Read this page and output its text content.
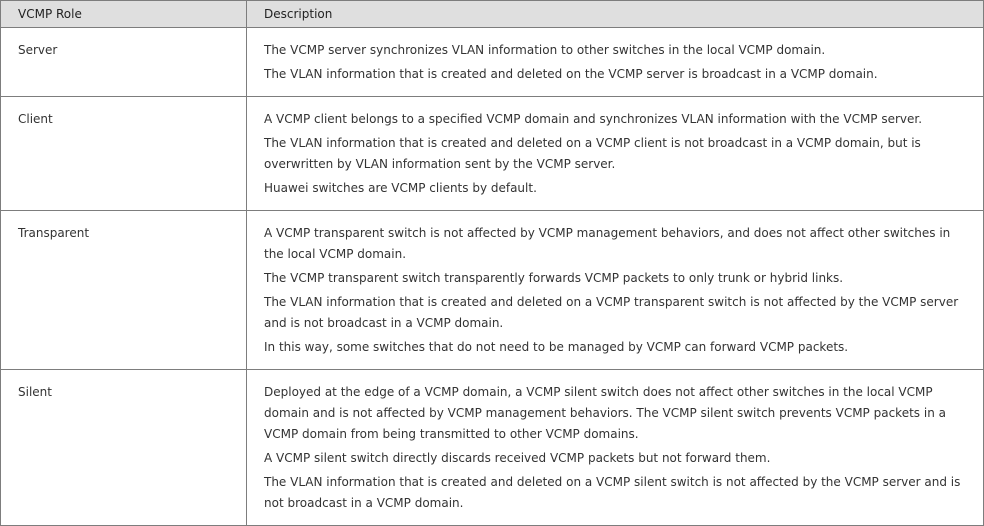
VCMP Role	Description
Server	The VCMP server synchronizes VLAN information to other switches in the local VCMP domain.

The VLAN information that is created and deleted on the VCMP server is broadcast in a VCMP domain.

Client	A VCMP client belongs to a specified VCMP domain and synchronizes VLAN information with the VCMP server.

The VLAN information that is created and deleted on a VCMP client is not broadcast in a VCMP domain, but is overwritten by VLAN information sent by the VCMP server.

Huawei switches are VCMP clients by default.

Transparent	A VCMP transparent switch is not affected by VCMP management behaviors, and does not affect other switches in the local VCMP domain.

The VCMP transparent switch transparently forwards VCMP packets to only trunk or hybrid links.

The VLAN information that is created and deleted on a VCMP transparent switch is not affected by the VCMP server and is not broadcast in a VCMP domain.

In this way, some switches that do not need to be managed by VCMP can forward VCMP packets.

Silent	Deployed at the edge of a VCMP domain, a VCMP silent switch does not affect other switches in the local VCMP domain and is not affected by VCMP management behaviors. The VCMP silent switch prevents VCMP packets in a VCMP domain from being transmitted to other VCMP domains.

A VCMP silent switch directly discards received VCMP packets but not forward them.

The VLAN information that is created and deleted on a VCMP silent switch is not affected by the VCMP server and is not broadcast in a VCMP domain.
